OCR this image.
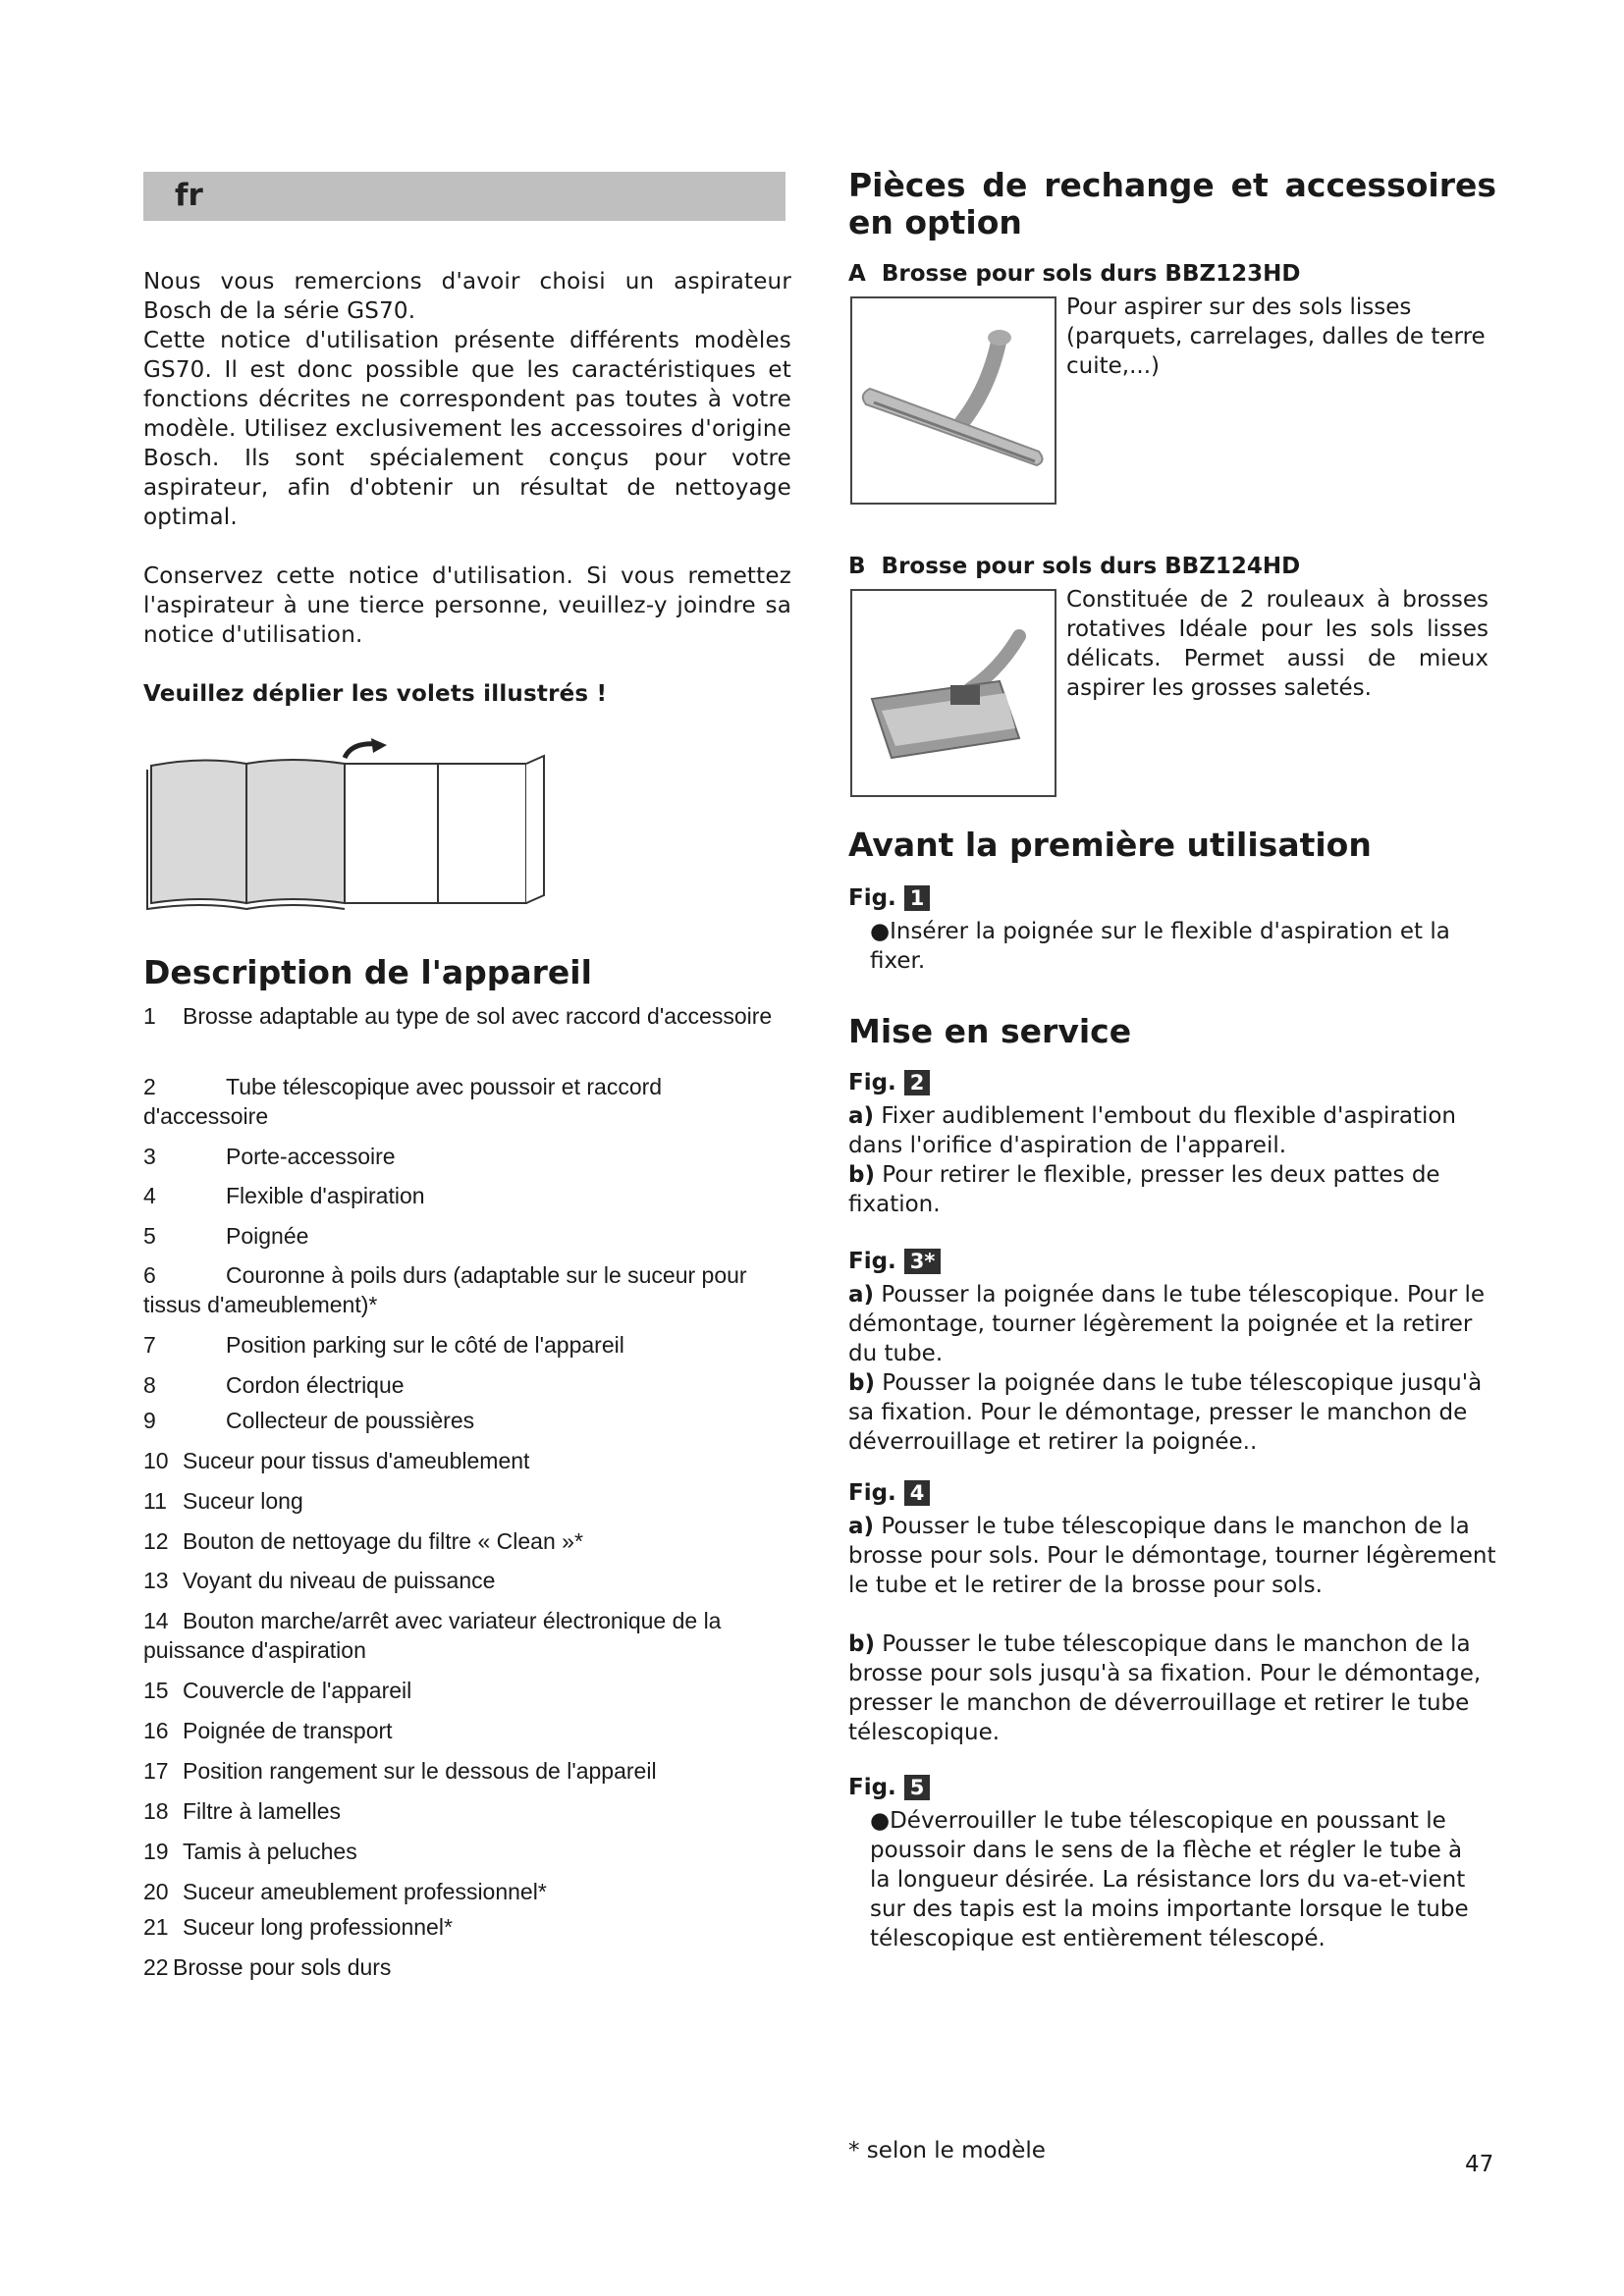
fr

Nous vous remercions d'avoir choisi un aspirateur Bosch de la série GS70.

Cette notice d'utilisation présente différents modèles GS70. Il est donc possible que les caractéristiques et fonctions décrites ne correspondent pas toutes à votre modèle. Utilisez exclusivement les accessoires d'origine Bosch. Ils sont spécialement conçus pour votre aspirateur, afin d'obtenir un résultat de nettoyage optimal.

Conservez cette notice d'utilisation. Si vous remettez l'aspirateur à une tierce personne, veuillez-y joindre sa notice d'utilisation.

Veuillez déplier les volets illustrés !

Description de l'appareil
1 Brosse adaptable au type de sol avec raccord d'accessoire
2	Tube télescopique avec poussoir et raccord d'accessoire
3	Porte-accessoire
4	Flexible d'aspiration
5	Poignée
6	Couronne à poils durs (adaptable sur le suceur pour tissus d'ameublement)*
7	Position parking sur le côté de l'appareil
8	Cordon électrique
9	Collecteur de poussières
10 Suceur pour tissus d'ameublement
11 Suceur long
12 Bouton de nettoyage du filtre « Clean »*
13 Voyant du niveau de puissance
14 Bouton marche/arrêt avec variateur électronique de la puissance d'aspiration
15 Couvercle de l'appareil
16 Poignée de transport
17 Position rangement sur le dessous de l'appareil
18 Filtre à lamelles
19 Tamis à peluches
20 Suceur ameublement professionnel*
21 Suceur long professionnel*
22 Brosse pour sols durs
Pièces de rechange et accessoires en option
A Brosse pour sols durs BBZ123HD
Pour aspirer sur des sols lisses (parquets, carrelages, dalles de terre cuite,...)
B Brosse pour sols durs BBZ124HD
Constituée de 2 rouleaux à brosses rotatives Idéale pour les sols lisses délicats. Permet aussi de mieux aspirer les grosses saletés.
Avant la première utilisation
Fig. 1
●Insérer la poignée sur le flexible d'aspiration et la fixer.
Mise en service
Fig. 2
a) Fixer audiblement l'embout du flexible d'aspiration dans l'orifice d'aspiration de l'appareil.
b) Pour retirer le flexible, presser les deux pattes de fixation.
Fig. 3*
a) Pousser la poignée dans le tube télescopique. Pour le démontage, tourner légèrement la poignée et la retirer du tube.
b) Pousser la poignée dans le tube télescopique jusqu'à sa fixation. Pour le démontage, presser le manchon de déverrouillage et retirer la poignée..
Fig. 4
a) Pousser le tube télescopique dans le manchon de la brosse pour sols. Pour le démontage, tourner légèrement le tube et le retirer de la brosse pour sols.
b) Pousser le tube télescopique dans le manchon de la brosse pour sols jusqu'à sa fixation. Pour le démontage, presser le manchon de déverrouillage et retirer le tube télescopique.
Fig. 5
●Déverrouiller le tube télescopique en poussant le poussoir dans le sens de la flèche et régler le tube à la longueur désirée. La résistance lors du va-et-vient sur des tapis est la moins importante lorsque le tube télescopique est entièrement télescopé.
* selon le modèle
47
